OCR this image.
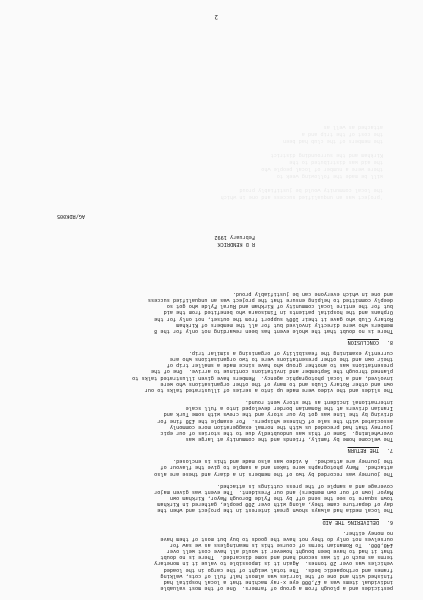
'project was an unqualified success and one in which
the local community would be justifiably proud
will be made the following week to
there were a number of local people who
the aid was distributed to the
Kirkham and the surrounding district
the members of the club had been
the cost of the trip and a
attached as well as
pesticides and a plough from a group of farmers.  One of the most valuable
individual items was a £7,000 eye x-ray machine that a local hospital had
finished with and one of the lorries was almost half full of cots, walking
frames and orthopaedic beds.  The total weight of the cargo in the loaded
vehicles was over 20 tonnes.  Again it is impossible to value it in monetary
terms as much of it was second hand and some discarded.  There is no doubt
that it had to have been bought however it would all have cost well over
£40,000.  To Romanian terms of course this is meaningless as we saw for
ourselves not only do they not have the goods to buy but most of them have
no money either.
6.DELIVERING THE AID
The local media had always shown great interest in the project and when the
day of departure came they, along with over 200 people, gathered in Kirkham
town square to see the send off by the Fylde Borough Mayor, Kirkham own
Mayor (own of our own members) and our President.  The event was given major
coverage and a sample of the press cuttings is attached.
The journey was recorded by two of the members in a diary and these are also
attached.  Many photographs were taken and a sample to give the flavour of
the journey are attached.  A video was also made and this is enclosed.
7.THE RETURN
The welcome home by family, friends and the community at large was
overwhelming.  Some of this was undoubtedly due to the stories of our epic
journey that had preceded us with the normal exaggeration more commonly
associated with the sale of Chinese whispers.  For example the £30 fine for
driving by the line was got by our story and the crews with some Turk and
Iranian drivers at the Romanian border developed into a full scale
international incident as the story went round.
The slides and the video were made up into a series of illustrated talks to our
own and other Rotary Clubs and to many of the other organisations who were
involved, and a local photographic agency.  Members have given illustrated talks to
planned through the September and invitations continue to arrive.  One of the
presentations was to another group who have since made a smaller trip of
their own and the other presentations were to two organisations who are
currently examining the feasibility of organising a similar trip.
8.CONCLUSION
There is no doubt that the whole event has been rewarding not only for the 8
members who were directly involved but for all the members of Kirkham
Rotary Club who gave it their 100% support from the outset, not only for the
Orphans and the hospital patients in Timisoara who benefited from the aid
but for the entire local community of Kirkham and Rural Fylde who got so
deeply committed to helping ensure that the project was an unqualified success
and one in which everyone can be justifiably proud.
R D KENDRICK
February 1992
AG/RDK005
2
